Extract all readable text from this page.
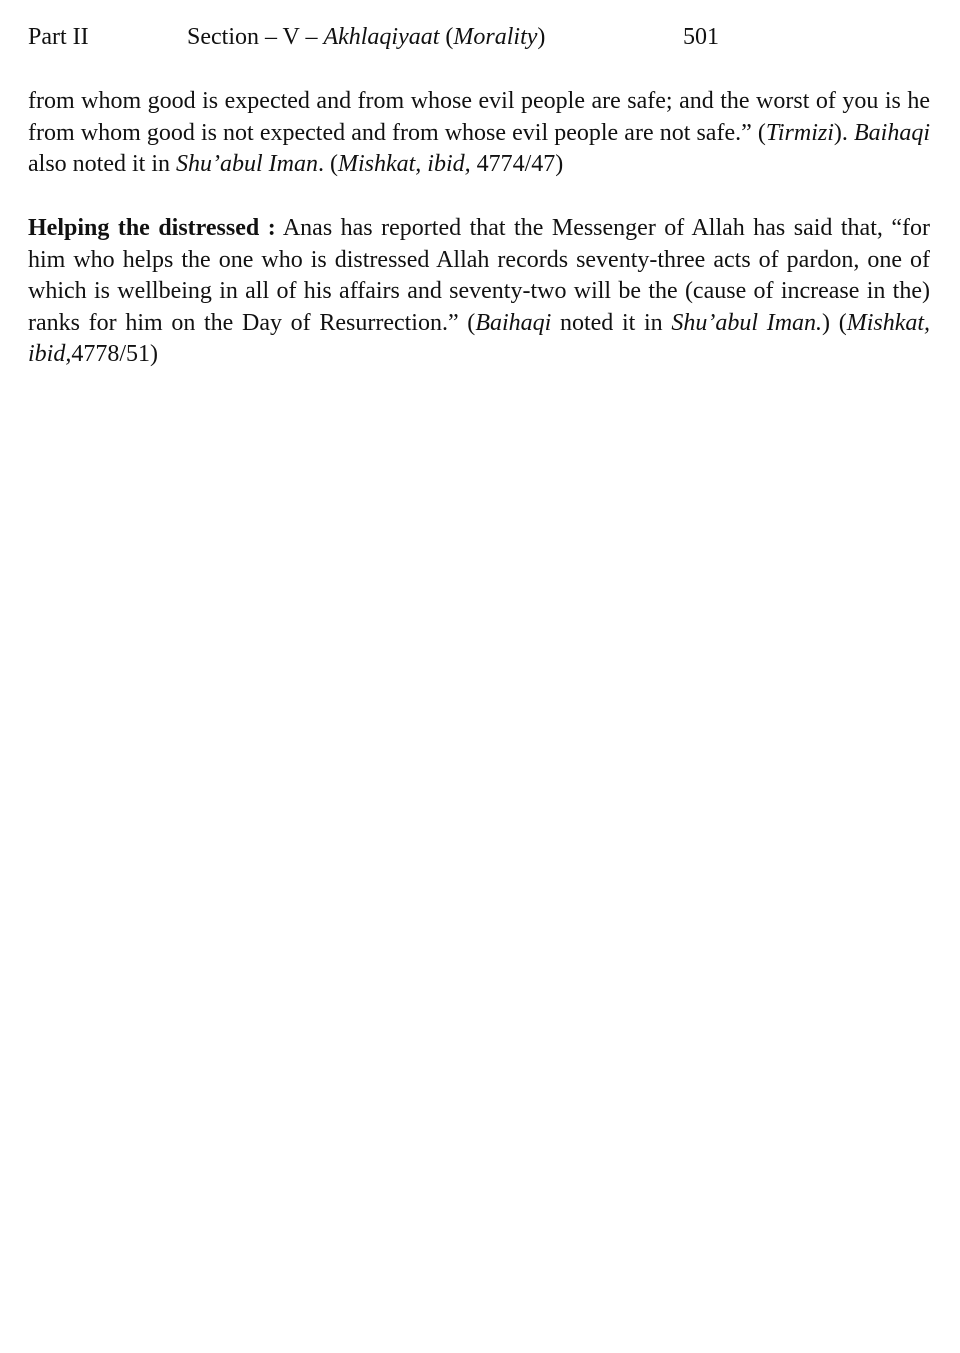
Part II	Section – V – Akhlaqiyaat (Morality)	501

from whom good is expected and from whose evil people are safe; and the worst of you is he from whom good is not expected and from whose evil people are not safe.” (Tirmizi). Baihaqi also noted it in Shu’abul Iman. (Mishkat, ibid, 4774/47)

Helping the distressed : Anas has reported that the Messenger of Allah has said that, “for him who helps the one who is distressed Allah records seventy-three acts of pardon, one of which is wellbeing in all of his affairs and seventy-two will be the (cause of increase in the) ranks for him on the Day of Resurrection.” (Baihaqi noted it in Shu’abul Iman.) (Mishkat, ibid,4778/51)
